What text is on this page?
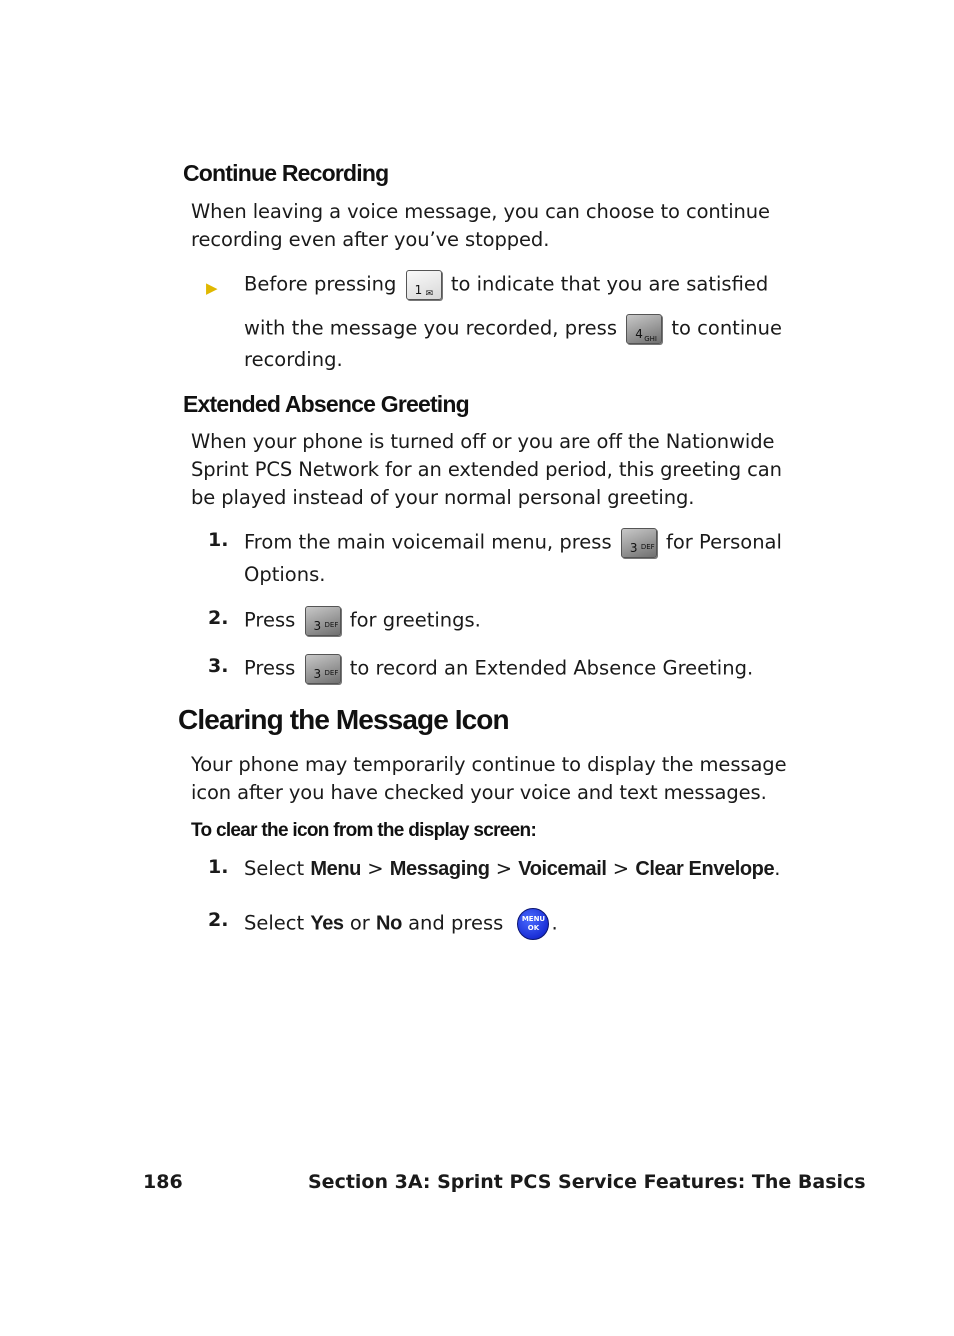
Continue Recording
When leaving a voice message, you can choose to continue
recording even after you’ve stopped.
▶ Before pressing 1 ✉ to indicate that you are satisfied
with the message you recorded, press 4 GHI to continue
recording.
Extended Absence Greeting
When your phone is turned off or you are off the Nationwide
Sprint PCS Network for an extended period, this greeting can
be played instead of your normal personal greeting.
1. From the main voicemail menu, press 3 DEF for Personal
Options.
2. Press 3 DEF for greetings.
3. Press 3 DEF to record an Extended Absence Greeting.
Clearing the Message Icon
Your phone may temporarily continue to display the message
icon after you have checked your voice and text messages.
To clear the icon from the display screen:
1. Select Menu > Messaging > Voicemail > Clear Envelope.
2. Select Yes or No and press	MENU
OK .
186	Section 3A: Sprint PCS Service Features: The Basics
